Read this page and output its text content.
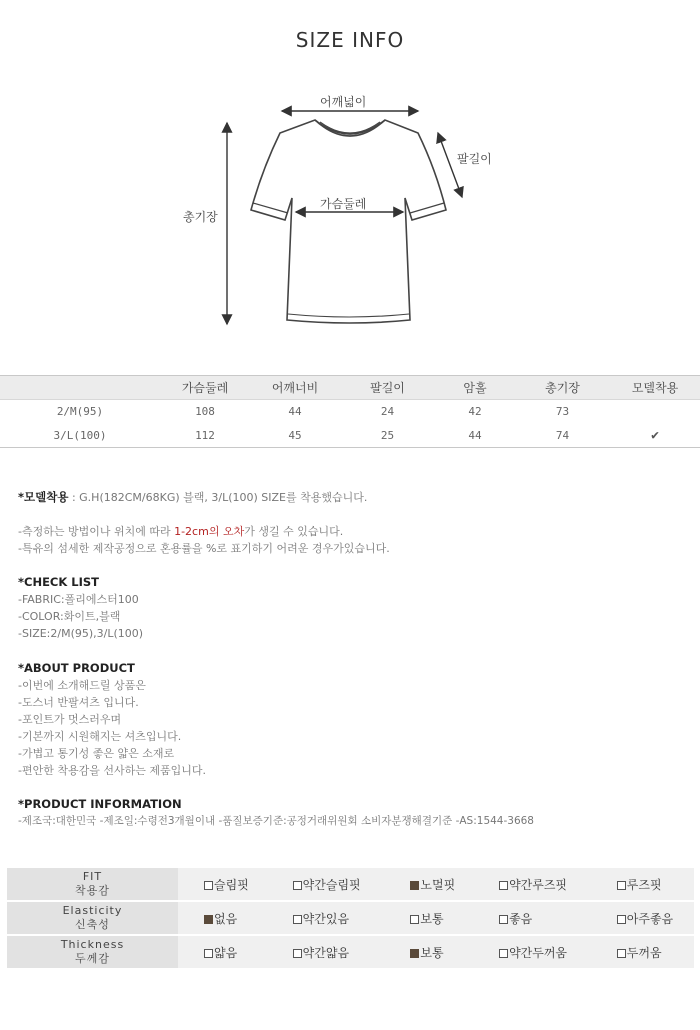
SIZE INFO
어깨넓이
팔길이
가슴둘레
총기장
	가슴둘레	어깨너비	팔길이	암홀	총기장	모델착용
2/M(95)	108	44	24	42	73	
3/L(100)	112	45	25	44	74	✔
*모델착용 : G.H(182CM/68KG) 블랙, 3/L(100) SIZE를 착용했습니다.
-측정하는 방법이나 위치에 따라 1-2cm의 오차가 생길 수 있습니다.
-특유의 섬세한 제작공정으로 혼용률을 %로 표기하기 어려운 경우가있습니다.
*CHECK LIST
-FABRIC:폴리에스터100
-COLOR:화이트,블랙
-SIZE:2/M(95),3/L(100)
*ABOUT PRODUCT
-이번에 소개해드릴 상품은
-도스너 반팔셔츠 입니다.
-포인트가 멋스러우며
-기본까지 시원해지는 셔츠입니다.
-가볍고 통기성 좋은 얇은 소재로
-편안한 착용감을 선사하는 제품입니다.
*PRODUCT INFORMATION
-제조국:대한민국 -제조일:수령전3개월이내 -품질보증기준:공정거래위원회 소비자분쟁해결기준 -AS:1544-3668
FIT
착용감	슬림핏	약간슬림핏	노멀핏	약간루즈핏	루즈핏

Elasticity
신축성	없음	약간있음	보통	좋음	아주좋음

Thickness
두께감	얇음	약간얇음	보통	약간두꺼움	두꺼움
